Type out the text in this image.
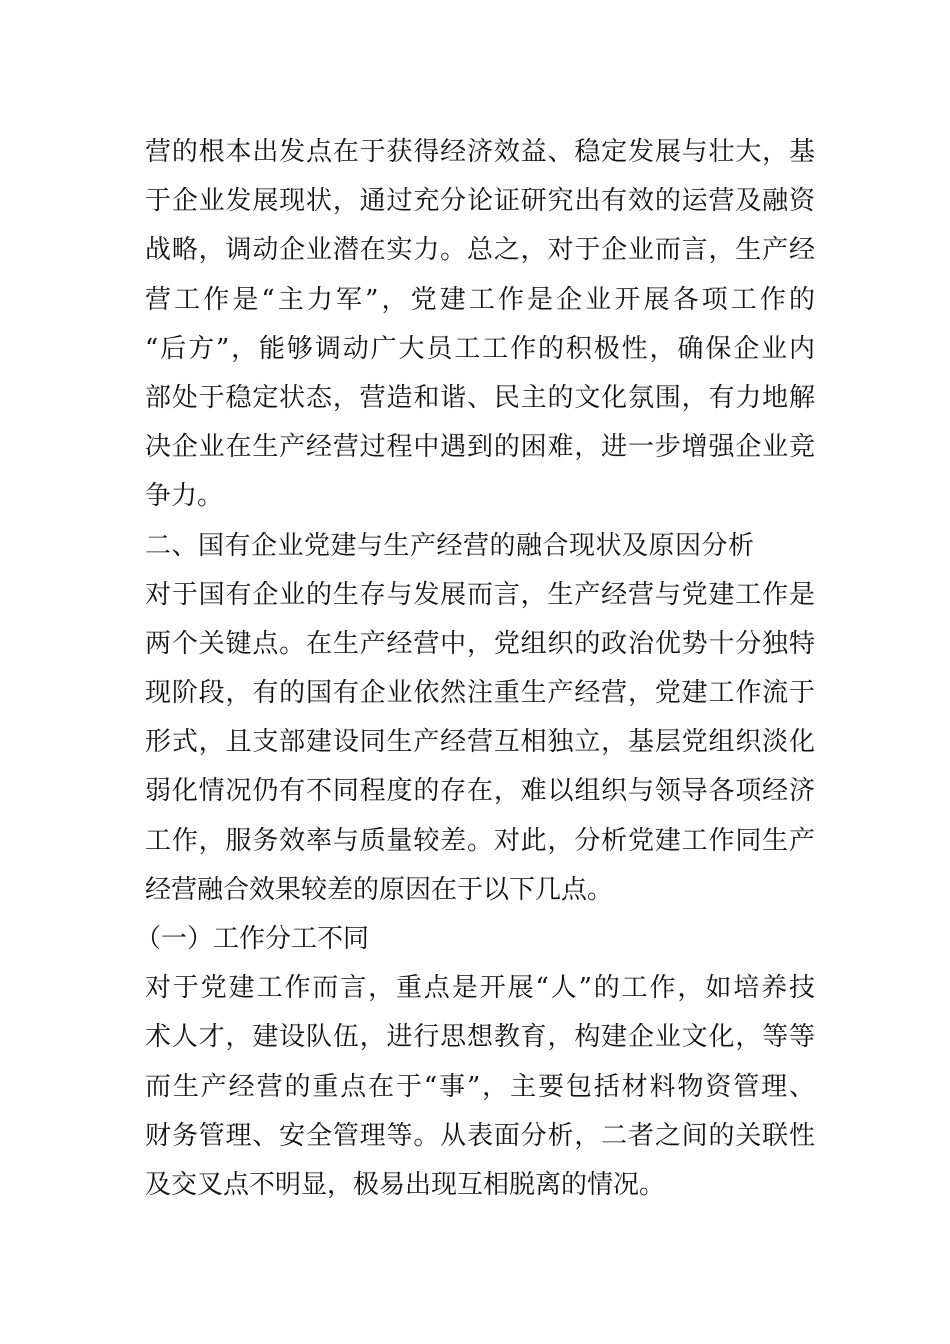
营的根本出发点在于获得经济效益、稳定发展与壮大，基
于企业发展现状，通过充分论证研究出有效的运营及融资
战略，调动企业潜在实力。总之，对于企业而言，生产经
营工作是“主力军”，党建工作是企业开展各项工作的
“后方”，能够调动广大员工工作的积极性，确保企业内
部处于稳定状态，营造和谐、民主的文化氛围，有力地解
决企业在生产经营过程中遇到的困难，进一步增强企业竞
争力。
二、国有企业党建与生产经营的融合现状及原因分析
对于国有企业的生存与发展而言，生产经营与党建工作是
两个关键点。在生产经营中，党组织的政治优势十分独特
现阶段，有的国有企业依然注重生产经营，党建工作流于
形式，且支部建设同生产经营互相独立，基层党组织淡化
弱化情况仍有不同程度的存在，难以组织与领导各项经济
工作，服务效率与质量较差。对此，分析党建工作同生产
经营融合效果较差的原因在于以下几点。
（一）工作分工不同
对于党建工作而言，重点是开展“人”的工作，如培养技
术人才，建设队伍，进行思想教育，构建企业文化，等等
而生产经营的重点在于“事”，主要包括材料物资管理、
财务管理、安全管理等。从表面分析，二者之间的关联性
及交叉点不明显，极易出现互相脱离的情况。
